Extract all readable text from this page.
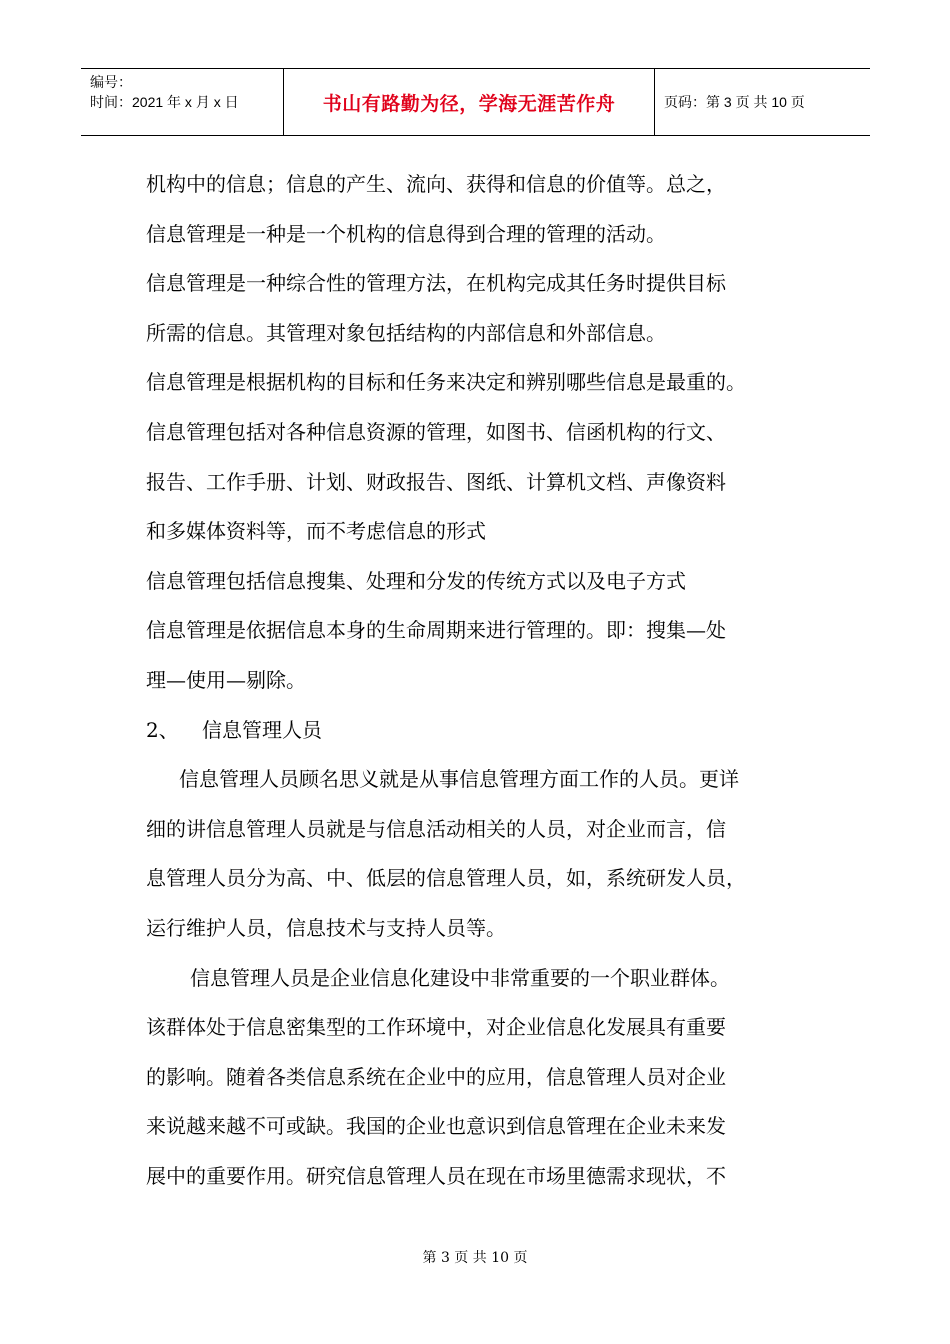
编号：
时间：2021 年 x 月 x 日	书山有路勤为径，学海无涯苦作舟	页码：第 3 页 共 10 页
机构中的信息；信息的产生、流向、获得和信息的价值等。总之，
信息管理是一种是一个机构的信息得到合理的管理的活动。
信息管理是一种综合性的管理方法，在机构完成其任务时提供目标
所需的信息。其管理对象包括结构的内部信息和外部信息。
信息管理是根据机构的目标和任务来决定和辨别哪些信息是最重的。
信息管理包括对各种信息资源的管理，如图书、信函机构的行文、
报告、工作手册、计划、财政报告、图纸、计算机文档、声像资料
和多媒体资料等，而不考虑信息的形式
信息管理包括信息搜集、处理和分发的传统方式以及电子方式
信息管理是依据信息本身的生命周期来进行管理的。即：搜集—处
理—使用—剔除。
2、 信息管理人员
信息管理人员顾名思义就是从事信息管理方面工作的人员。更详
细的讲信息管理人员就是与信息活动相关的人员，对企业而言，信
息管理人员分为高、中、低层的信息管理人员，如，系统研发人员，
运行维护人员，信息技术与支持人员等。
信息管理人员是企业信息化建设中非常重要的一个职业群体。
该群体处于信息密集型的工作环境中，对企业信息化发展具有重要
的影响。随着各类信息系统在企业中的应用，信息管理人员对企业
来说越来越不可或缺。我国的企业也意识到信息管理在企业未来发
展中的重要作用。研究信息管理人员在现在市场里德需求现状，不
第 3 页 共 10 页
